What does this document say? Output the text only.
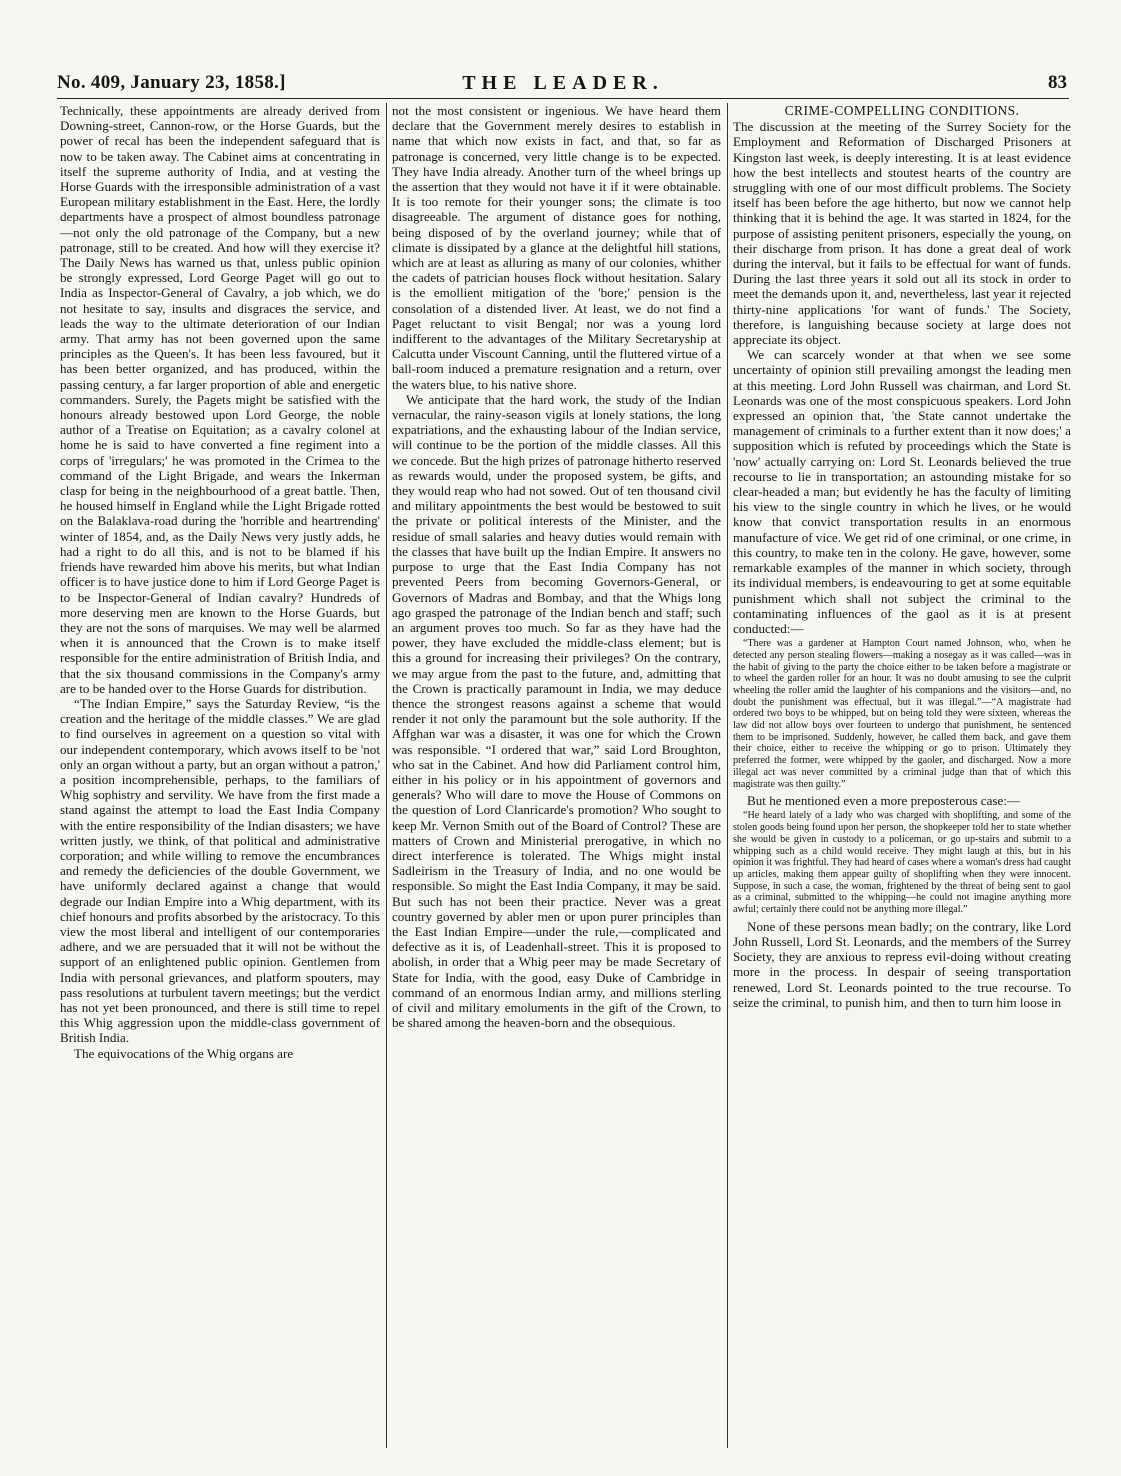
THE LEADER.
No. 409, January 23, 1858.]	83

Technically, these appointments are already derived from Downing-street, Cannon-row, or the Horse Guards, but the power of recal has been the independent safeguard that is now to be taken away. The Cabinet aims at concentrating in itself the supreme authority of India, and at vesting the Horse Guards with the irresponsible administration of a vast European military establishment in the East. Here, the lordly departments have a prospect of almost boundless patronage—not only the old patronage of the Company, but a new patronage, still to be created. And how will they exercise it? The Daily News has warned us that, unless public opinion be strongly expressed, Lord George Paget will go out to India as Inspector-General of Cavalry, a job which, we do not hesitate to say, insults and disgraces the service, and leads the way to the ultimate deterioration of our Indian army. That army has not been governed upon the same principles as the Queen's. It has been less favoured, but it has been better organized, and has produced, within the passing century, a far larger proportion of able and energetic commanders. Surely, the Pagets might be satisfied with the honours already bestowed upon Lord George, the noble author of a Treatise on Equitation; as a cavalry colonel at home he is said to have converted a fine regiment into a corps of 'irregulars;' he was promoted in the Crimea to the command of the Light Brigade, and wears the Inkerman clasp for being in the neighbourhood of a great battle. Then, he housed himself in England while the Light Brigade rotted on the Balaklava-road during the 'horrible and heartrending' winter of 1854, and, as the Daily News very justly adds, he had a right to do all this, and is not to be blamed if his friends have rewarded him above his merits, but what Indian officer is to have justice done to him if Lord George Paget is to be Inspector-General of Indian cavalry? Hundreds of more deserving men are known to the Horse Guards, but they are not the sons of marquises. We may well be alarmed when it is announced that the Crown is to make itself responsible for the entire administration of British India, and that the six thousand commissions in the Company's army are to be handed over to the Horse Guards for distribution.

“The Indian Empire,” says the Saturday Review, “is the creation and the heritage of the middle classes.” We are glad to find ourselves in agreement on a question so vital with our independent contemporary, which avows itself to be 'not only an organ without a party, but an organ without a patron,' a position incomprehensible, perhaps, to the familiars of Whig sophistry and servility. We have from the first made a stand against the attempt to load the East India Company with the entire responsibility of the Indian disasters; we have written justly, we think, of that political and administrative corporation; and while willing to remove the encumbrances and remedy the deficiencies of the double Government, we have uniformly declared against a change that would degrade our Indian Empire into a Whig department, with its chief honours and profits absorbed by the aristocracy. To this view the most liberal and intelligent of our contemporaries adhere, and we are persuaded that it will not be without the support of an enlightened public opinion. Gentlemen from India with personal grievances, and platform spouters, may pass resolutions at turbulent tavern meetings; but the verdict has not yet been pronounced, and there is still time to repel this Whig aggression upon the middle-class government of British India.

The equivocations of the Whig organs are

not the most consistent or ingenious. We have heard them declare that the Government merely desires to establish in name that which now exists in fact, and that, so far as patronage is concerned, very little change is to be expected. They have India already. Another turn of the wheel brings up the assertion that they would not have it if it were obtainable. It is too remote for their younger sons; the climate is too disagreeable. The argument of distance goes for nothing, being disposed of by the overland journey; while that of climate is dissipated by a glance at the delightful hill stations, which are at least as alluring as many of our colonies, whither the cadets of patrician houses flock without hesitation. Salary is the emollient mitigation of the 'bore;' pension is the consolation of a distended liver. At least, we do not find a Paget reluctant to visit Bengal; nor was a young lord indifferent to the advantages of the Military Secretaryship at Calcutta under Viscount Canning, until the fluttered virtue of a ball-room induced a premature resignation and a return, over the waters blue, to his native shore.

We anticipate that the hard work, the study of the Indian vernacular, the rainy-season vigils at lonely stations, the long expatriations, and the exhausting labour of the Indian service, will continue to be the portion of the middle classes. All this we concede. But the high prizes of patronage hitherto reserved as rewards would, under the proposed system, be gifts, and they would reap who had not sowed. Out of ten thousand civil and military appointments the best would be bestowed to suit the private or political interests of the Minister, and the residue of small salaries and heavy duties would remain with the classes that have built up the Indian Empire. It answers no purpose to urge that the East India Company has not prevented Peers from becoming Governors-General, or Governors of Madras and Bombay, and that the Whigs long ago grasped the patronage of the Indian bench and staff; such an argument proves too much. So far as they have had the power, they have excluded the middle-class element; but is this a ground for increasing their privileges? On the contrary, we may argue from the past to the future, and, admitting that the Crown is practically paramount in India, we may deduce thence the strongest reasons against a scheme that would render it not only the paramount but the sole authority. If the Affghan war was a disaster, it was one for which the Crown was responsible. “I ordered that war,” said Lord Broughton, who sat in the Cabinet. And how did Parliament control him, either in his policy or in his appointment of governors and generals? Who will dare to move the House of Commons on the question of Lord Clanricarde's promotion? Who sought to keep Mr. Vernon Smith out of the Board of Control? These are matters of Crown and Ministerial prerogative, in which no direct interference is tolerated. The Whigs might instal Sadleirism in the Treasury of India, and no one would be responsible. So might the East India Company, it may be said. But such has not been their practice. Never was a great country governed by abler men or upon purer principles than the East Indian Empire—under the rule,—complicated and defective as it is, of Leadenhall-street. This it is proposed to abolish, in order that a Whig peer may be made Secretary of State for India, with the good, easy Duke of Cambridge in command of an enormous Indian army, and millions sterling of civil and military emoluments in the gift of the Crown, to be shared among the heaven-born and the obsequious.

CRIME-COMPELLING CONDITIONS.

The discussion at the meeting of the Surrey Society for the Employment and Reformation of Discharged Prisoners at Kingston last week, is deeply interesting. It is at least evidence how the best intellects and stoutest hearts of the country are struggling with one of our most difficult problems. The Society itself has been before the age hitherto, but now we cannot help thinking that it is behind the age. It was started in 1824, for the purpose of assisting penitent prisoners, especially the young, on their discharge from prison. It has done a great deal of work during the interval, but it fails to be effectual for want of funds. During the last three years it sold out all its stock in order to meet the demands upon it, and, nevertheless, last year it rejected thirty-nine applications 'for want of funds.' The Society, therefore, is languishing because society at large does not appreciate its object.

We can scarcely wonder at that when we see some uncertainty of opinion still prevailing amongst the leading men at this meeting. Lord John Russell was chairman, and Lord St. Leonards was one of the most conspicuous speakers. Lord John expressed an opinion that, 'the State cannot undertake the management of criminals to a further extent than it now does;' a supposition which is refuted by proceedings which the State is 'now' actually carrying on: Lord St. Leonards believed the true recourse to lie in transportation; an astounding mistake for so clear-headed a man; but evidently he has the faculty of limiting his view to the single country in which he lives, or he would know that convict transportation results in an enormous manufacture of vice. We get rid of one criminal, or one crime, in this country, to make ten in the colony. He gave, however, some remarkable examples of the manner in which society, through its individual members, is endeavouring to get at some equitable punishment which shall not subject the criminal to the contaminating influences of the gaol as it is at present conducted:—

“There was a gardener at Hampton Court named Johnson, who, when he detected any person stealing flowers—making a nosegay as it was called—was in the habit of giving to the party the choice either to be taken before a magistrate or to wheel the garden roller for an hour. It was no doubt amusing to see the culprit wheeling the roller amid the laughter of his companions and the visitors—and, no doubt the punishment was effectual, but it was illegal.”—“A magistrate had ordered two boys to be whipped, but on being told they were sixteen, whereas the law did not allow boys over fourteen to undergo that punishment, he sentenced them to be imprisoned. Suddenly, however, he called them back, and gave them their choice, either to receive the whipping or go to prison. Ultimately they preferred the former, were whipped by the gaoler, and discharged. Now a more illegal act was never committed by a criminal judge than that of which this magistrate was then guilty.”

But he mentioned even a more preposterous case:—

“He heard lately of a lady who was charged with shoplifting, and some of the stolen goods being found upon her person, the shopkeeper told her to state whether she would be given in custody to a policeman, or go up-stairs and submit to a whipping such as a child would receive. They might laugh at this, but in his opinion it was frightful. They had heard of cases where a woman's dress had caught up articles, making them appear guilty of shoplifting when they were innocent. Suppose, in such a case, the woman, frightened by the threat of being sent to gaol as a criminal, submitted to the whipping—he could not imagine anything more awful; certainly there could not be anything more illegal.”

None of these persons mean badly; on the contrary, like Lord John Russell, Lord St. Leonards, and the members of the Surrey Society, they are anxious to repress evil-doing without creating more in the process. In despair of seeing transportation renewed, Lord St. Leonards pointed to the true recourse. To seize the criminal, to punish him, and then to turn him loose in
